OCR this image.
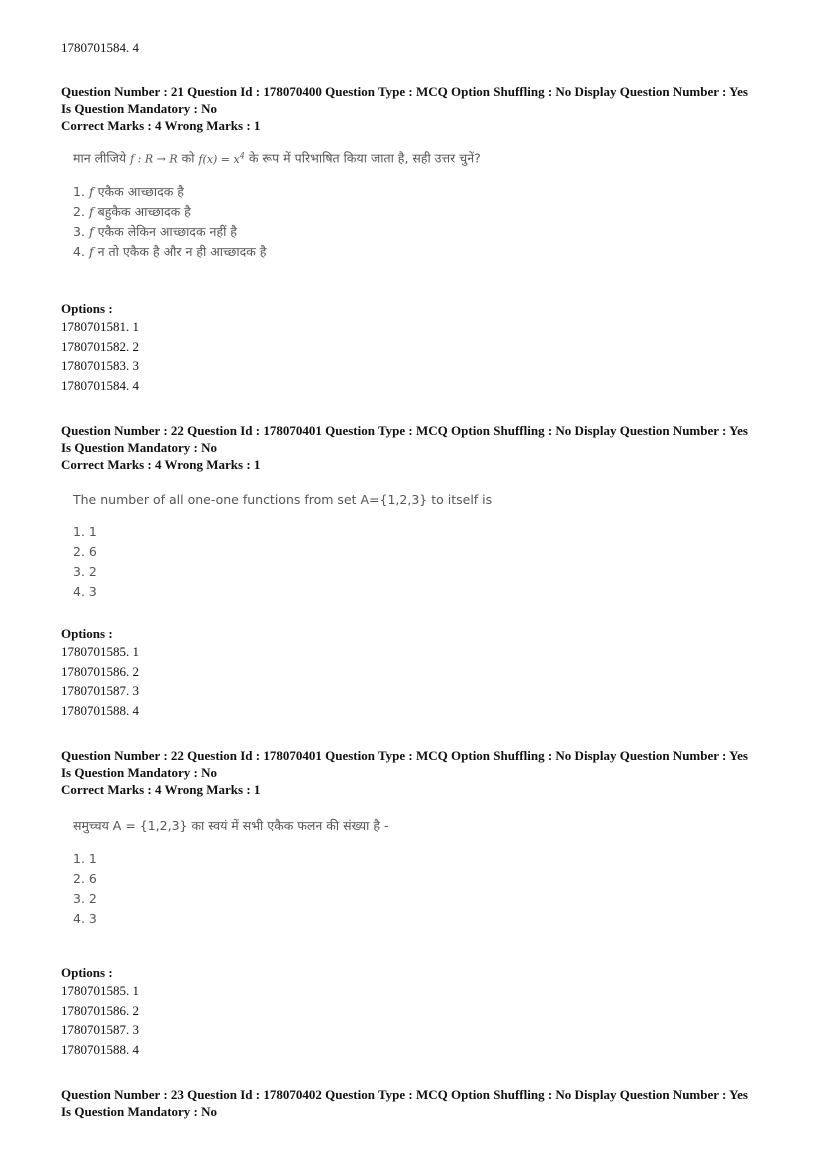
1780701584. 4
Question Number : 21 Question Id : 178070400 Question Type : MCQ Option Shuffling : No Display Question Number : Yes
Is Question Mandatory : No
Correct Marks : 4 Wrong Marks : 1
मान लीजिये f : R → R को $f(x) = x^4$ के रूप में परिभाषित किया जाता है, सही उत्तर चुनें?
1. f एकैक आच्छादक है
2. f बहुकैक आच्छादक है
3. f एकैक लेकिन आच्छादक नहीं है
4. f न तो एकैक है और न ही आच्छादक है
Options :
1780701581. 1
1780701582. 2
1780701583. 3
1780701584. 4
Question Number : 22 Question Id : 178070401 Question Type : MCQ Option Shuffling : No Display Question Number : Yes
Is Question Mandatory : No
Correct Marks : 4 Wrong Marks : 1
The number of all one-one functions from set A={1,2,3} to itself is
1. 1
2. 6
3. 2
4. 3
Options :
1780701585. 1
1780701586. 2
1780701587. 3
1780701588. 4
Question Number : 22 Question Id : 178070401 Question Type : MCQ Option Shuffling : No Display Question Number : Yes
Is Question Mandatory : No
Correct Marks : 4 Wrong Marks : 1
समुच्चय A = {1,2,3} का स्वयं में सभी एकैक फलन की संख्या है -
1. 1
2. 6
3. 2
4. 3
Options :
1780701585. 1
1780701586. 2
1780701587. 3
1780701588. 4
Question Number : 23 Question Id : 178070402 Question Type : MCQ Option Shuffling : No Display Question Number : Yes
Is Question Mandatory : No
